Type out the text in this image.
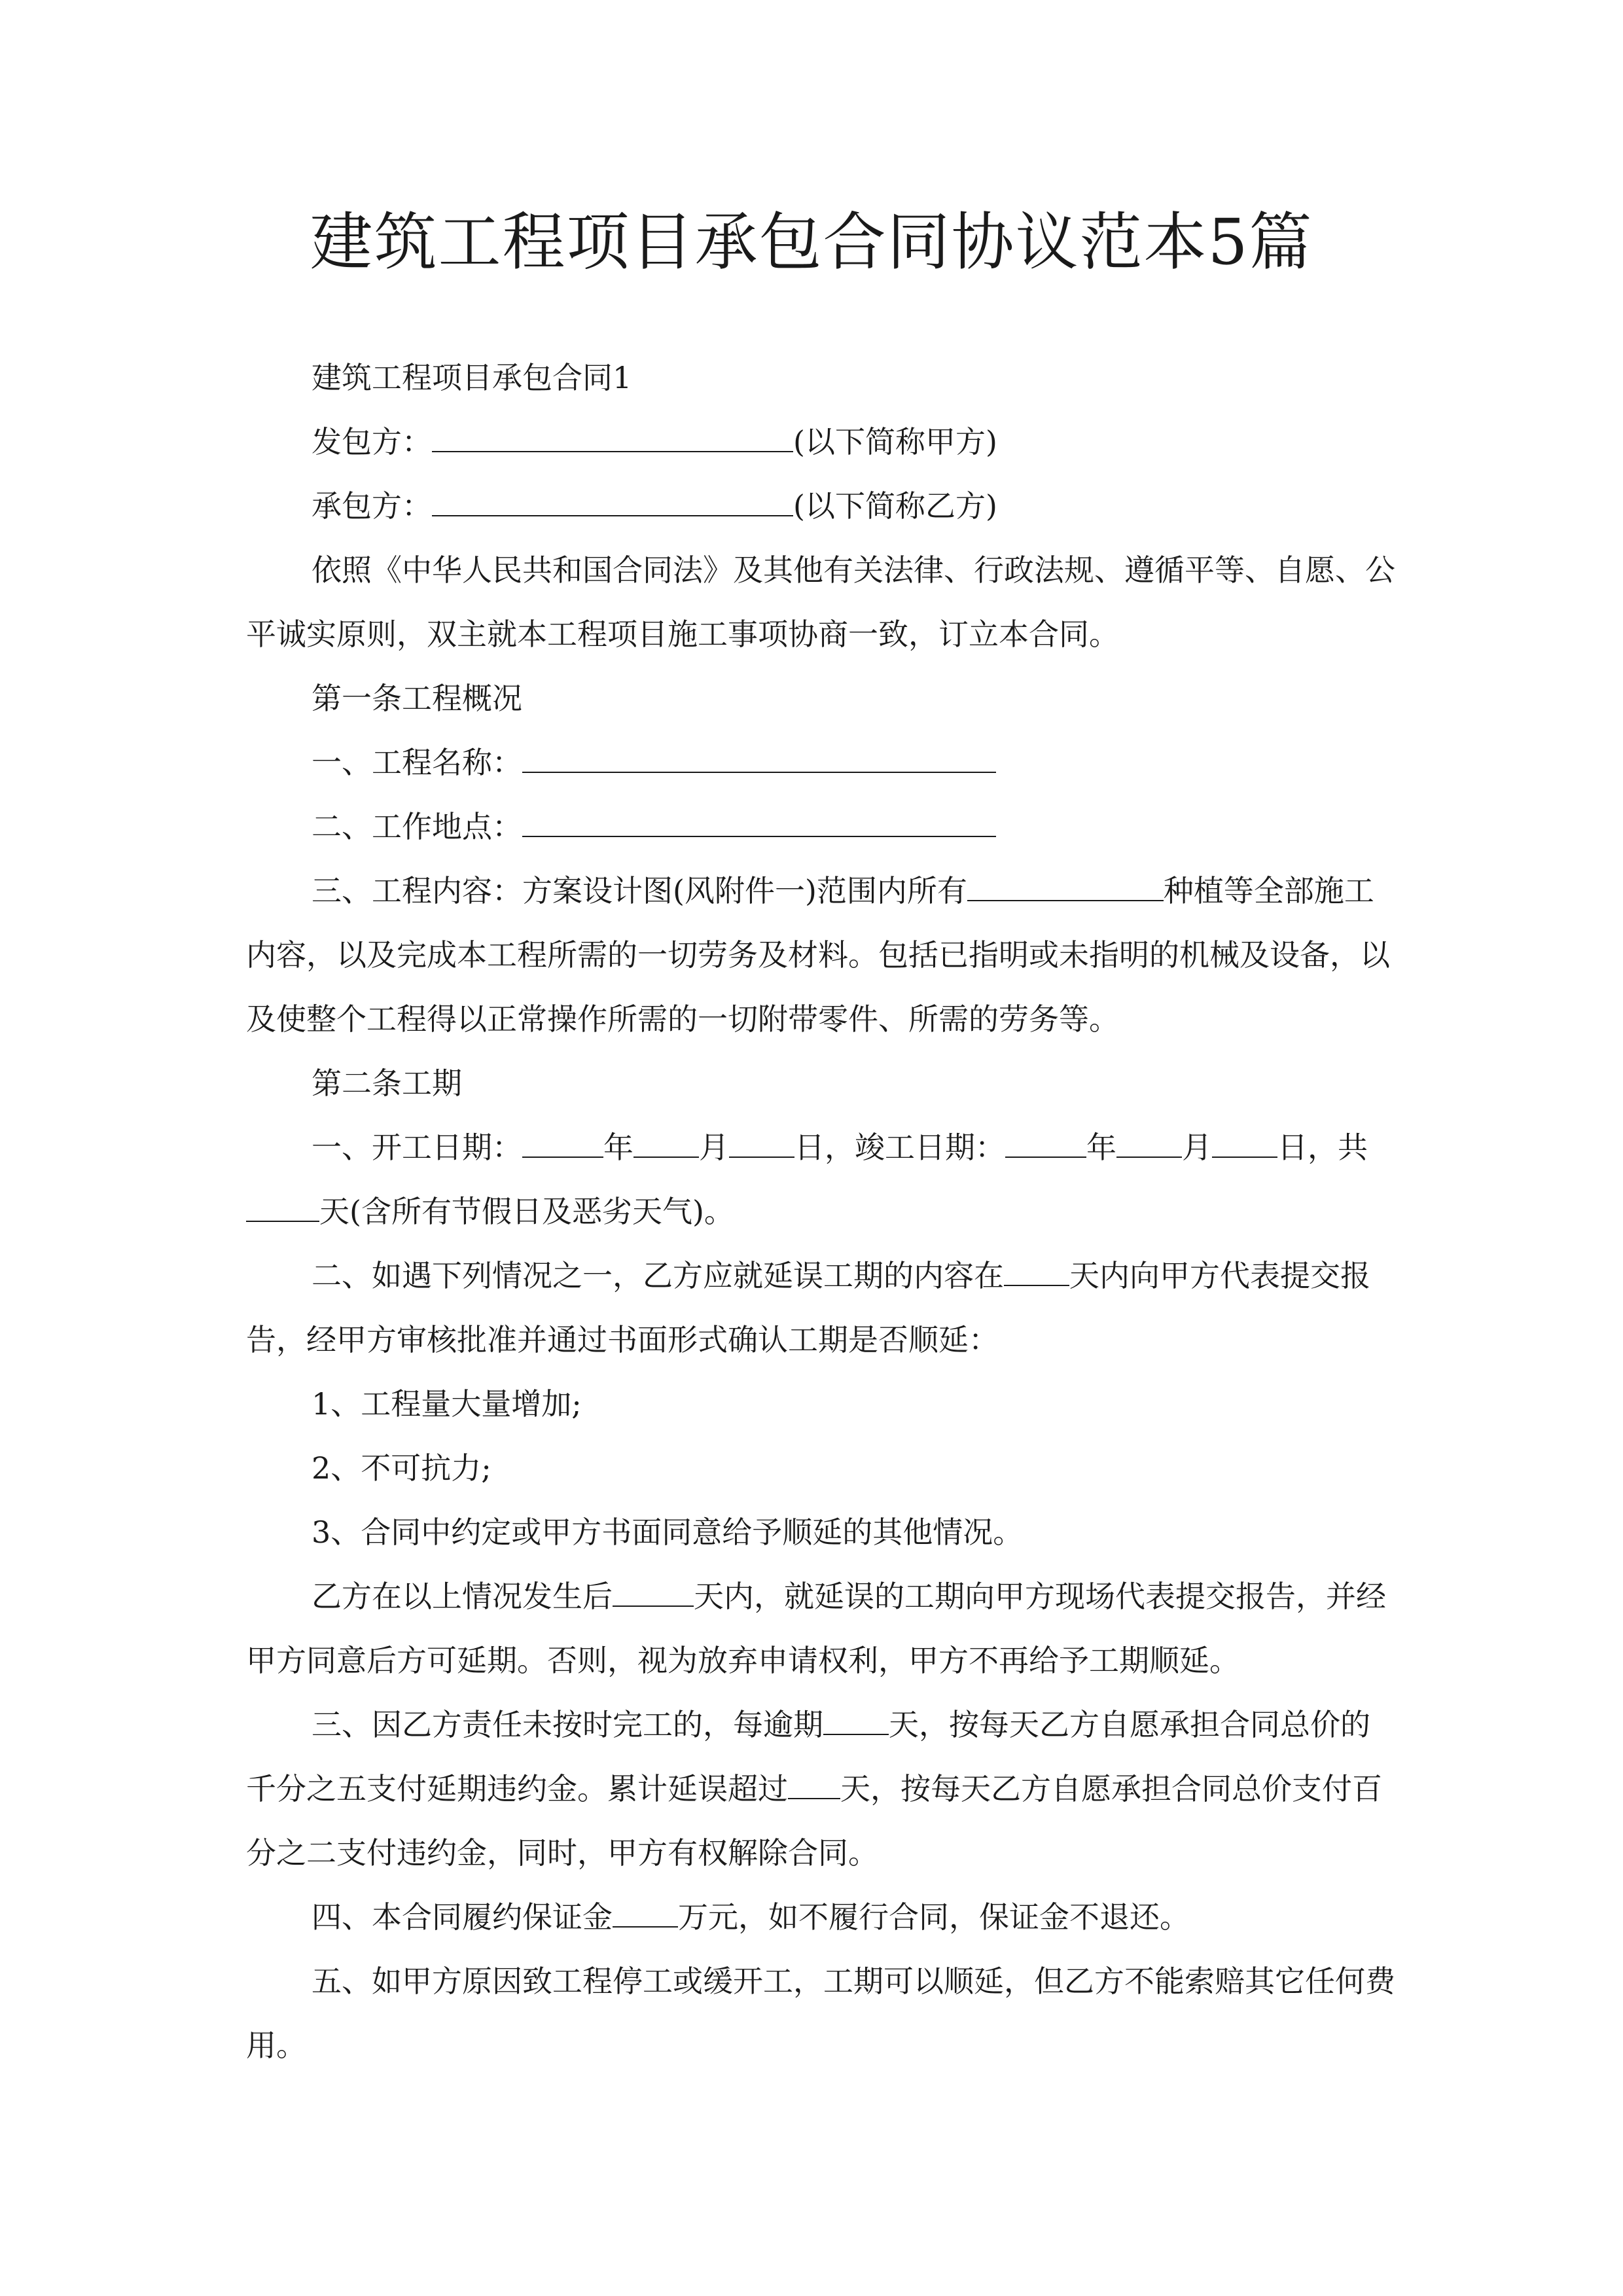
建筑工程项目承包合同协议范本5篇

建筑工程项目承包合同1

发包方：	(以下简称甲方)

承包方：	(以下简称乙方)

依照《中华人民共和国合同法》及其他有关法律、行政法规、遵循平等、自愿、公平诚实原则，双主就本工程项目施工事项协商一致，订立本合同。

第一条工程概况

一、工程名称：

二、工作地点：

三、工程内容：方案设计图(风附件一)范围内所有	种植等全部施工内容，以及完成本工程所需的一切劳务及材料。包括已指明或未指明的机械及设备，以及使整个工程得以正常操作所需的一切附带零件、所需的劳务等。

第二条工期

一、开工日期：	年 月 日，竣工日期：	年 月 日，共天(含所有节假日及恶劣天气)。

二、如遇下列情况之一，乙方应就延误工期的内容在 天内向甲方代表提交报告，经甲方审核批准并通过书面形式确认工期是否顺延：

1、工程量大量增加;

2、不可抗力;

3、合同中约定或甲方书面同意给予顺延的其他情况。

乙方在以上情况发生后	天内，就延误的工期向甲方现场代表提交报告，并经甲方同意后方可延期。否则，视为放弃申请权利，甲方不再给予工期顺延。

三、因乙方责任未按时完工的，每逾期 天，按每天乙方自愿承担合同总价的千分之五支付延期违约金。累计延误超过 天，按每天乙方自愿承担合同总价支付百分之二支付违约金，同时，甲方有权解除合同。

四、本合同履约保证金 万元，如不履行合同，保证金不退还。

五、如甲方原因致工程停工或缓开工，工期可以顺延，但乙方不能索赔其它任何费用。
